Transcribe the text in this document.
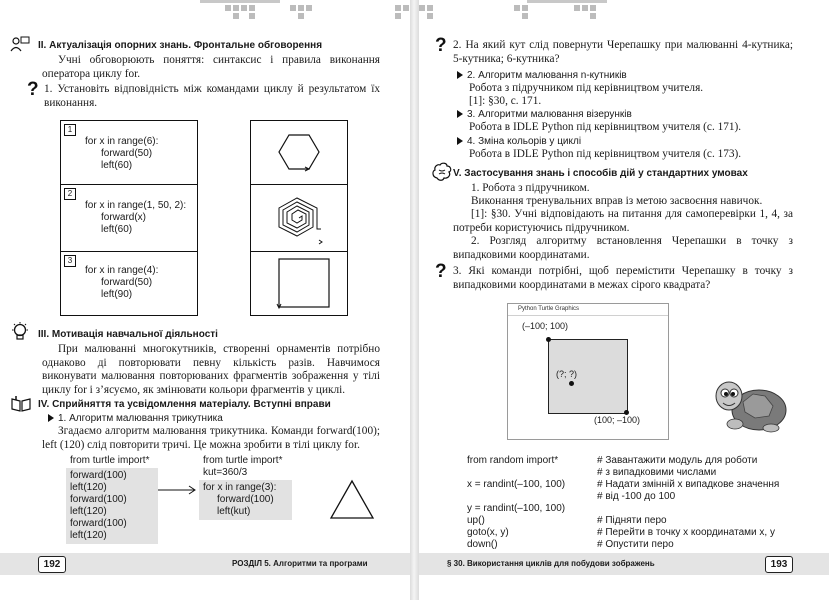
II. Актуалізація опорних знань. Фронтальне обговорення
Учні обговорюють поняття: синтаксис і правила виконання оператора циклу for.
? 1. Установіть відповідність між командами циклу й результатом їх виконання.
1
for x in range(6):
forward(50)
left(60)
2
for x in range(1, 50, 2):
forward(x)
left(60)
3
for x in range(4):
forward(50)
left(90)
III. Мотивація навчальної діяльності
При малюванні многокутників, створенні орнаментів потрібно однаково ді повторювати певну кількість разів. Навчимося виконувати малювання повторюваних фрагментів зображення у тілі циклу for і з’ясуємо, як змінювати кольори фрагментів у циклі.
IV. Сприйняття та усвідомлення матеріалу. Вступні вправи
1. Алгоритм малювання трикутника
Згадаємо алгоритм малювання трикутника. Команди forward(100); left (120) слід повторити тричі. Це можна зробити в тілі циклу for.
from turtle import*
forward(100)
left(120)
forward(100)
left(120)
forward(100)
left(120)
from turtle import*
kut=360/3
for x in range(3):
forward(100)
left(kut)
192	РОЗДІЛ 5. Алгоритми та програми
? 2. На який кут слід повернути Черепашку при малюванні 4-кутника; 5-кутника; 6-кутника?
2. Алгоритм малювання n-кутників
Робота з підручником під керівництвом учителя.
[1]: §30, с. 171.
3. Алгоритми малювання візерунків
Робота в IDLE Python під керівництвом учителя (с. 171).
4. Зміна кольорів у циклі
Робота в IDLE Python під керівництвом учителя (с. 173).
V. Застосування знань і способів дій у стандартних умовах
1. Робота з підручником.
Виконання тренувальних вправ із метою засвоєння навичок.
[1]: §30. Учні відповідають на питання для самоперевірки 1, 4, за потреби користуючись підручником.
2. Розгляд алгоритму встановлення Черепашки в точку з випадковими координатами.
? 3. Які команди потрібні, щоб перемістити Черепашку в точку з випадковими координатами в межах сірого квадрата?
Python Turtle Graphics
(–100; 100)
(?; ?)
(100; –100)
from random import*	# Завантажити модуль для роботи
# з випадковими числами
x = randint(–100, 100)	# Надати змінній x випадкове значення
# від -100 до 100
y = randint(–100, 100)
up()	# Підняти перо
goto(x, y)	# Перейти в точку x координатами x, y
down()	# Опустити перо
§ 30. Використання циклів для побудови зображень	193
